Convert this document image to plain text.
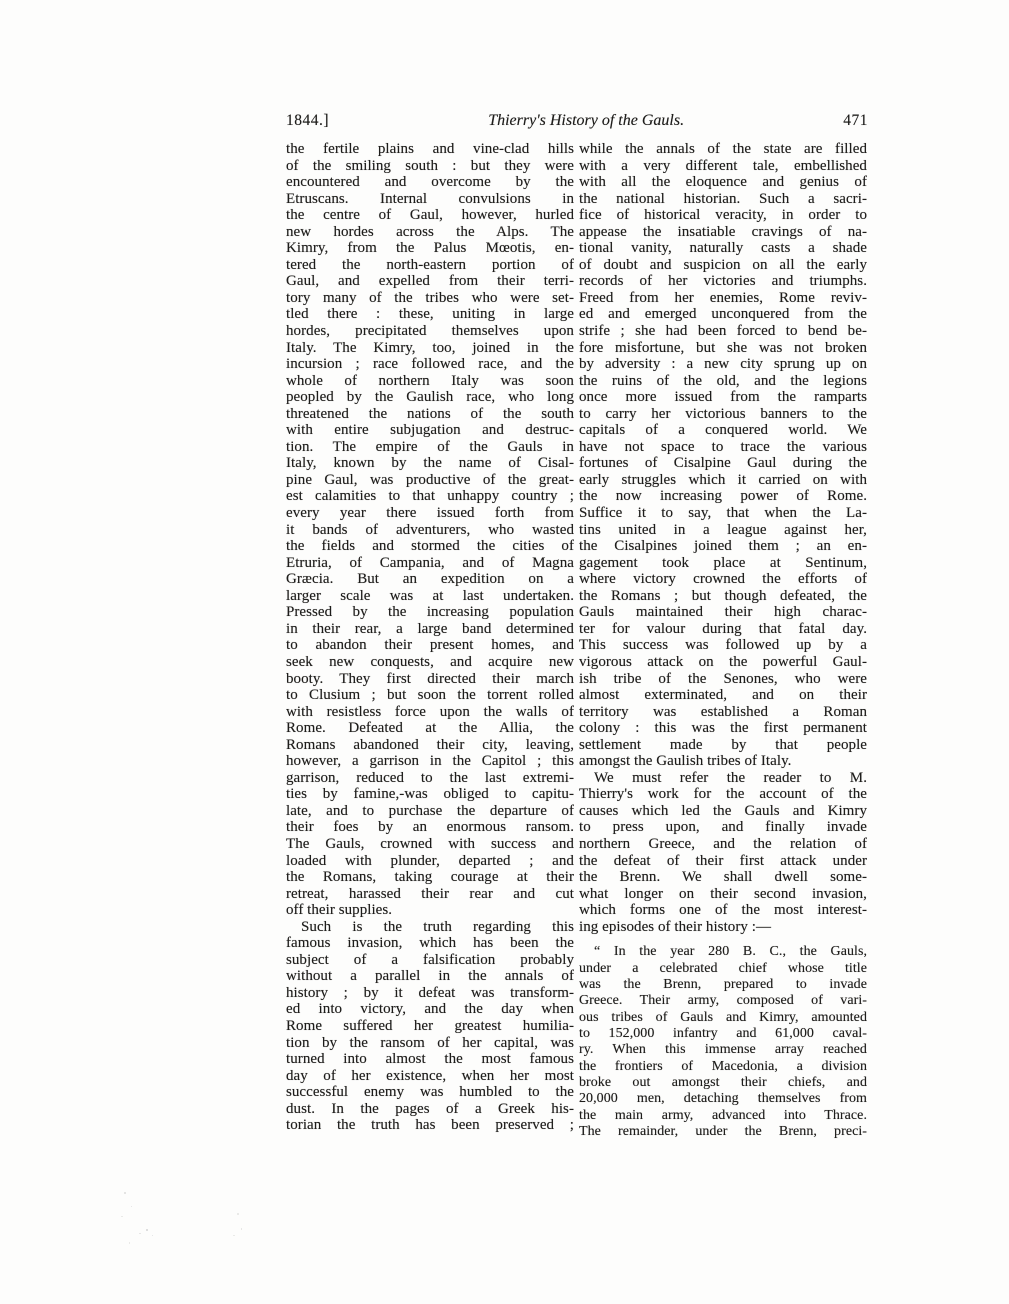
1844.]	Thierry's History of the Gauls.	471
the fertile plains and vine-clad hills
of the smiling south : but they were
encountered and overcome by the
Etruscans. Internal convulsions in
the centre of Gaul, however, hurled
new hordes across the Alps. The
Kimry, from the Palus Mœotis, en-
tered the north-eastern portion of
Gaul, and expelled from their terri-
tory many of the tribes who were set-
tled there : these, uniting in large
hordes, precipitated themselves upon
Italy. The Kimry, too, joined in the
incursion ; race followed race, and the
whole of northern Italy was soon
peopled by the Gaulish race, who long
threatened the nations of the south
with entire subjugation and destruc-
tion. The empire of the Gauls in
Italy, known by the name of Cisal-
pine Gaul, was productive of the great-
est calamities to that unhappy country ;
every year there issued forth from
it bands of adventurers, who wasted
the fields and stormed the cities of
Etruria, of Campania, and of Magna
Græcia. But an expedition on a
larger scale was at last undertaken.
Pressed by the increasing population
in their rear, a large band determined
to abandon their present homes, and
seek new conquests, and acquire new
booty. They first directed their march
to Clusium ; but soon the torrent rolled
with resistless force upon the walls of
Rome. Defeated at the Allia, the
Romans abandoned their city, leaving,
however, a garrison in the Capitol ; this
garrison, reduced to the last extremi-
ties by famine,-was obliged to capitu-
late, and to purchase the departure of
their foes by an enormous ransom.
The Gauls, crowned with success and
loaded with plunder, departed ; and
the Romans, taking courage at their
retreat, harassed their rear and cut
off their supplies.
Such is the truth regarding this
famous invasion, which has been the
subject of a falsification probably
without a parallel in the annals of
history ; by it defeat was transform-
ed into victory, and the day when
Rome suffered her greatest humilia-
tion by the ransom of her capital, was
turned into almost the most famous
day of her existence, when her most
successful enemy was humbled to the
dust. In the pages of a Greek his-
torian the truth has been preserved ;
while the annals of the state are filled
with a very different tale, embellished
with all the eloquence and genius of
the national historian. Such a sacri-
fice of historical veracity, in order to
appease the insatiable cravings of na-
tional vanity, naturally casts a shade
of doubt and suspicion on all the early
records of her victories and triumphs.
Freed from her enemies, Rome reviv-
ed and emerged unconquered from the
strife ; she had been forced to bend be-
fore misfortune, but she was not broken
by adversity : a new city sprung up on
the ruins of the old, and the legions
once more issued from the ramparts
to carry her victorious banners to the
capitals of a conquered world. We
have not space to trace the various
fortunes of Cisalpine Gaul during the
early struggles which it carried on with
the now increasing power of Rome.
Suffice it to say, that when the La-
tins united in a league against her,
the Cisalpines joined them ; an en-
gagement took place at Sentinum,
where victory crowned the efforts of
the Romans ; but though defeated, the
Gauls maintained their high charac-
ter for valour during that fatal day.
This success was followed up by a
vigorous attack on the powerful Gaul-
ish tribe of the Senones, who were
almost exterminated, and on their
territory was established a Roman
colony : this was the first permanent
settlement made by that people
amongst the Gaulish tribes of Italy.
We must refer the reader to M.
Thierry's work for the account of the
causes which led the Gauls and Kimry
to press upon, and finally invade
northern Greece, and the relation of
the defeat of their first attack under
the Brenn. We shall dwell some-
what longer on their second invasion,
which forms one of the most interest-
ing episodes of their history :—
“ In the year 280 B. C., the Gauls,
under a celebrated chief whose title
was the Brenn, prepared to invade
Greece. Their army, composed of vari-
ous tribes of Gauls and Kimry, amounted
to 152,000 infantry and 61,000 caval-
ry. When this immense array reached
the frontiers of Macedonia, a division
broke out amongst their chiefs, and
20,000 men, detaching themselves from
the main army, advanced into Thrace.
The remainder, under the Brenn, preci-
